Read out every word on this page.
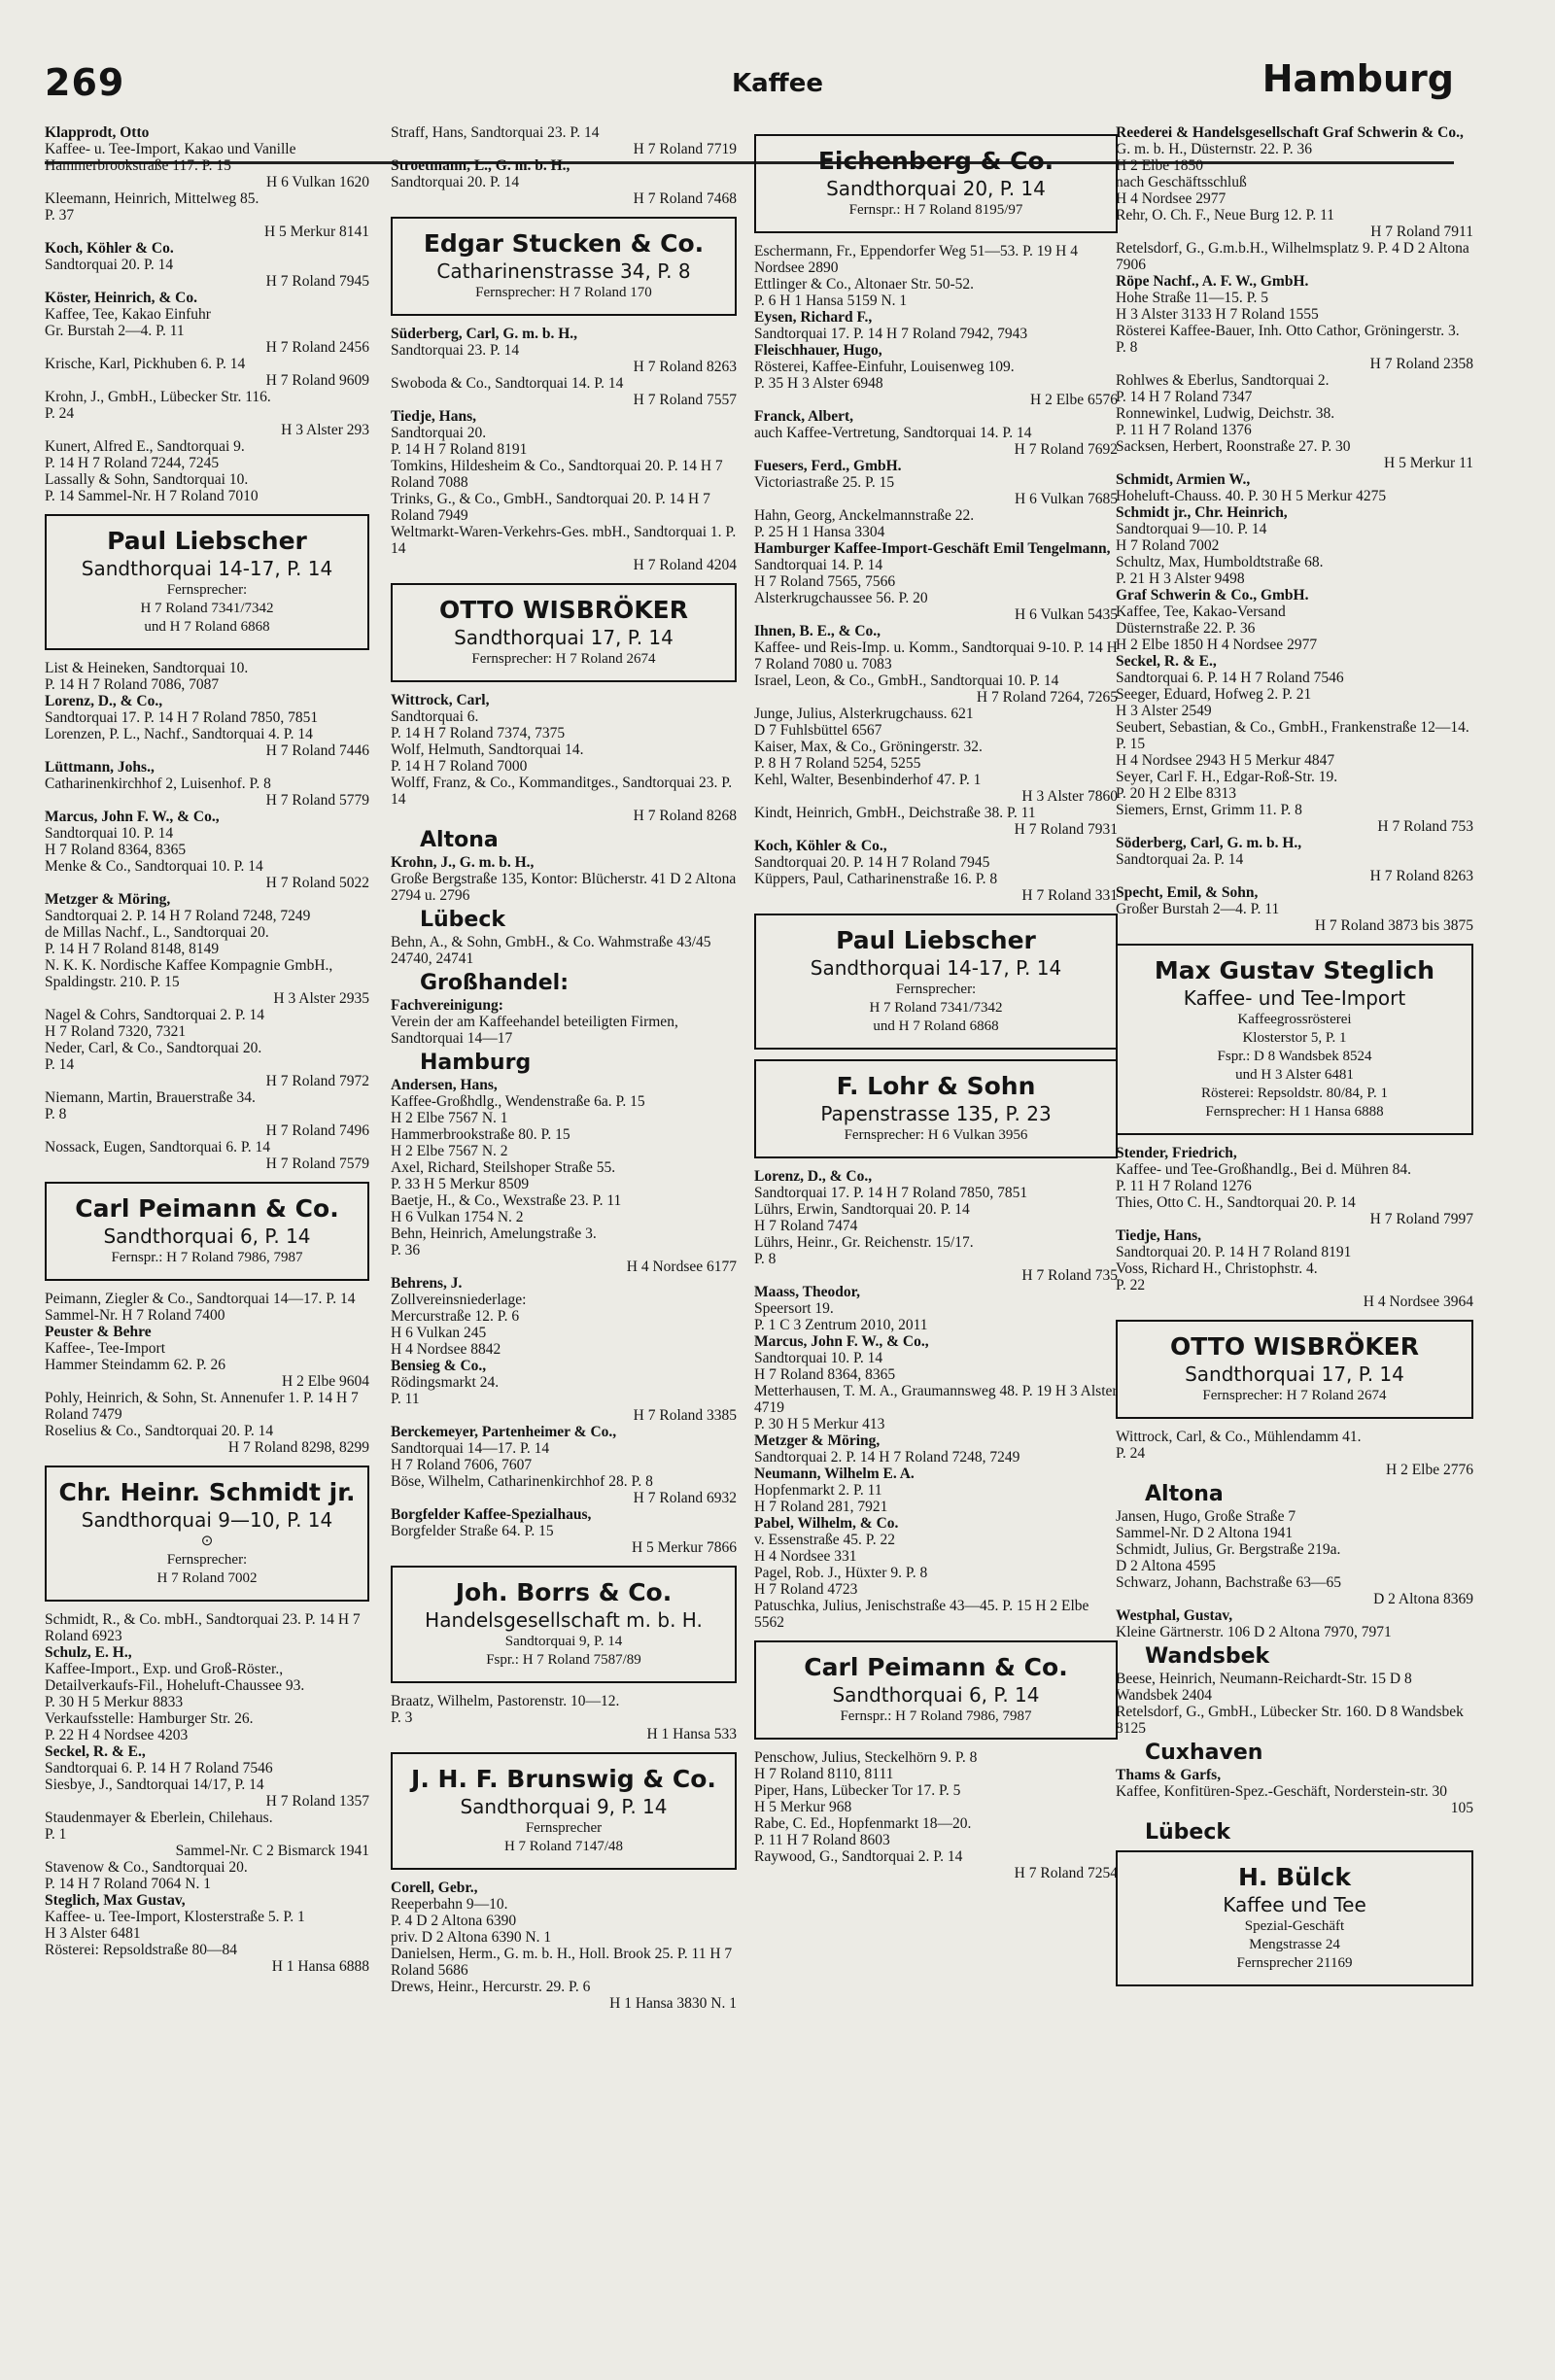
269	Kaffee	Hamburg
Klapprodt, Otto
Kaffee- u. Tee-Import, Kakao und Vanille
Hammerbrookstraße 117. P. 15
H 6 Vulkan 1620
Kleemann, Heinrich, Mittelweg 85.
P. 37
H 5 Merkur 8141
Koch, Köhler & Co.
Sandtorquai 20. P. 14
H 7 Roland 7945
Köster, Heinrich, & Co.
Kaffee, Tee, Kakao Einfuhr
Gr. Burstah 2—4. P. 11
H 7 Roland 2456
Krische, Karl, Pickhuben 6. P. 14
H 7 Roland 9609
Krohn, J., GmbH., Lübecker Str. 116.
P. 24
H 3 Alster 293
Kunert, Alfred E., Sandtorquai 9.
P. 14 H 7 Roland 7244, 7245
Lassally & Sohn, Sandtorquai 10.
P. 14 Sammel-Nr. H 7 Roland 7010
Paul Liebscher
Sandthorquai 14-17, P. 14
Fernsprecher:
H 7 Roland 7341/7342
und H 7 Roland 6868
List & Heineken, Sandtorquai 10.
P. 14 H 7 Roland 7086, 7087
Lorenz, D., & Co.,
Sandtorquai 17. P. 14 H 7 Roland 7850, 7851
Lorenzen, P. L., Nachf., Sandtorquai 4. P. 14
H 7 Roland 7446
Lüttmann, Johs.,
Catharinenkirchhof 2, Luisenhof. P. 8
H 7 Roland 5779
Marcus, John F. W., & Co.,
Sandtorquai 10. P. 14
H 7 Roland 8364, 8365
Menke & Co., Sandtorquai 10. P. 14
H 7 Roland 5022
Metzger & Möring,
Sandtorquai 2. P. 14 H 7 Roland 7248, 7249
de Millas Nachf., L., Sandtorquai 20.
P. 14 H 7 Roland 8148, 8149
N. K. K. Nordische Kaffee Kompagnie GmbH., Spaldingstr. 210. P. 15
H 3 Alster 2935
Nagel & Cohrs, Sandtorquai 2. P. 14
H 7 Roland 7320, 7321
Neder, Carl, & Co., Sandtorquai 20.
P. 14
H 7 Roland 7972
Niemann, Martin, Brauerstraße 34.
P. 8
H 7 Roland 7496
Nossack, Eugen, Sandtorquai 6. P. 14
H 7 Roland 7579
Carl Peimann & Co.
Sandthorquai 6, P. 14
Fernspr.: H 7 Roland 7986, 7987
Peimann, Ziegler & Co., Sandtorquai 14—17. P. 14
Sammel-Nr. H 7 Roland 7400
Peuster & Behre
Kaffee-, Tee-Import
Hammer Steindamm 62. P. 26
H 2 Elbe 9604
Pohly, Heinrich, & Sohn, St. Annenufer 1. P. 14 H 7 Roland 7479
Roselius & Co., Sandtorquai 20. P. 14
H 7 Roland 8298, 8299
Chr. Heinr. Schmidt jr.
Sandthorquai 9—10, P. 14
⊙
Fernsprecher:
H 7 Roland 7002
Schmidt, R., & Co. mbH., Sandtorquai 23. P. 14 H 7 Roland 6923
Schulz, E. H.,
Kaffee-Import., Exp. und Groß-Röster., Detailverkaufs-Fil., Hoheluft-Chaussee 93.
P. 30 H 5 Merkur 8833
Verkaufsstelle: Hamburger Str. 26.
P. 22 H 4 Nordsee 4203
Seckel, R. & E.,
Sandtorquai 6. P. 14 H 7 Roland 7546
Siesbye, J., Sandtorquai 14/17, P. 14
H 7 Roland 1357
Staudenmayer & Eberlein, Chilehaus.
P. 1
Sammel-Nr. C 2 Bismarck 1941
Stavenow & Co., Sandtorquai 20.
P. 14 H 7 Roland 7064 N. 1
Steglich, Max Gustav,
Kaffee- u. Tee-Import, Klosterstraße 5. P. 1
H 3 Alster 6481
Rösterei: Repsoldstraße 80—84
H 1 Hansa 6888
Straff, Hans, Sandtorquai 23. P. 14
H 7 Roland 7719
Stroetmann, L., G. m. b. H.,
Sandtorquai 20. P. 14
H 7 Roland 7468
Edgar Stucken & Co.
Catharinenstrasse 34, P. 8
Fernsprecher: H 7 Roland 170
Süderberg, Carl, G. m. b. H.,
Sandtorquai 23. P. 14
H 7 Roland 8263
Swoboda & Co., Sandtorquai 14. P. 14
H 7 Roland 7557
Tiedje, Hans,
Sandtorquai 20.
P. 14 H 7 Roland 8191
Tomkins, Hildesheim & Co., Sandtorquai 20. P. 14 H 7 Roland 7088
Trinks, G., & Co., GmbH., Sandtorquai 20. P. 14 H 7 Roland 7949
Weltmarkt-Waren-Verkehrs-Ges. mbH., Sandtorquai 1. P. 14
H 7 Roland 4204
OTTO WISBRÖKER
Sandthorquai 17, P. 14
Fernsprecher: H 7 Roland 2674
Wittrock, Carl,
Sandtorquai 6.
P. 14 H 7 Roland 7374, 7375
Wolf, Helmuth, Sandtorquai 14.
P. 14 H 7 Roland 7000
Wolff, Franz, & Co., Kommanditges., Sandtorquai 23. P. 14
H 7 Roland 8268
Altona
Krohn, J., G. m. b. H.,
Große Bergstraße 135, Kontor: Blücherstr. 41 D 2 Altona 2794 u. 2796
Lübeck
Behn, A., & Sohn, GmbH., & Co. Wahmstraße 43/45 24740, 24741
Großhandel:
Fachvereinigung:
Verein der am Kaffeehandel beteiligten Firmen, Sandtorquai 14—17
Hamburg
Andersen, Hans,
Kaffee-Großhdlg., Wendenstraße 6a. P. 15
H 2 Elbe 7567 N. 1
Hammerbrookstraße 80. P. 15
H 2 Elbe 7567 N. 2
Axel, Richard, Steilshoper Straße 55.
P. 33 H 5 Merkur 8509
Baetje, H., & Co., Wexstraße 23. P. 11
H 6 Vulkan 1754 N. 2
Behn, Heinrich, Amelungstraße 3.
P. 36
H 4 Nordsee 6177
Behrens, J.
Zollvereinsniederlage:
Mercurstraße 12. P. 6
H 6 Vulkan 245
H 4 Nordsee 8842
Bensieg & Co.,
Rödingsmarkt 24.
P. 11
H 7 Roland 3385
Berckemeyer, Partenheimer & Co.,
Sandtorquai 14—17. P. 14
H 7 Roland 7606, 7607
Böse, Wilhelm, Catharinenkirchhof 28. P. 8
H 7 Roland 6932
Borgfelder Kaffee-Spezialhaus,
Borgfelder Straße 64. P. 15
H 5 Merkur 7866
Joh. Borrs & Co.
Handelsgesellschaft m. b. H.
Sandtorquai 9, P. 14
Fspr.: H 7 Roland 7587/89
Braatz, Wilhelm, Pastorenstr. 10—12.
P. 3
H 1 Hansa 533
J. H. F. Brunswig & Co.
Sandthorquai 9, P. 14
Fernsprecher
H 7 Roland 7147/48
Corell, Gebr.,
Reeperbahn 9—10.
P. 4 D 2 Altona 6390
priv. D 2 Altona 6390 N. 1
Danielsen, Herm., G. m. b. H., Holl. Brook 25. P. 11 H 7 Roland 5686
Drews, Heinr., Hercurstr. 29. P. 6
H 1 Hansa 3830 N. 1
Eichenberg & Co.
Sandthorquai 20, P. 14
Fernspr.: H 7 Roland 8195/97
Eschermann, Fr., Eppendorfer Weg 51—53. P. 19 H 4 Nordsee 2890
Ettlinger & Co., Altonaer Str. 50-52.
P. 6 H 1 Hansa 5159 N. 1
Eysen, Richard F.,
Sandtorquai 17. P. 14 H 7 Roland 7942, 7943
Fleischhauer, Hugo,
Rösterei, Kaffee-Einfuhr, Louisenweg 109.
P. 35 H 3 Alster 6948
H 2 Elbe 6576
Franck, Albert,
auch Kaffee-Vertretung, Sandtorquai 14. P. 14
H 7 Roland 7692
Fuesers, Ferd., GmbH.
Victoriastraße 25. P. 15
H 6 Vulkan 7685
Hahn, Georg, Anckelmannstraße 22.
P. 25 H 1 Hansa 3304
Hamburger Kaffee-Import-Geschäft Emil Tengelmann,
Sandtorquai 14. P. 14
H 7 Roland 7565, 7566
Alsterkrugchaussee 56. P. 20
H 6 Vulkan 5435
Ihnen, B. E., & Co.,
Kaffee- und Reis-Imp. u. Komm., Sandtorquai 9-10. P. 14 H 7 Roland 7080 u. 7083
Israel, Leon, & Co., GmbH., Sandtorquai 10. P. 14
H 7 Roland 7264, 7265
Junge, Julius, Alsterkrugchauss. 621
D 7 Fuhlsbüttel 6567
Kaiser, Max, & Co., Gröningerstr. 32.
P. 8 H 7 Roland 5254, 5255
Kehl, Walter, Besenbinderhof 47. P. 1
H 3 Alster 7860
Kindt, Heinrich, GmbH., Deichstraße 38. P. 11
H 7 Roland 7931
Koch, Köhler & Co.,
Sandtorquai 20. P. 14 H 7 Roland 7945
Küppers, Paul, Catharinenstraße 16. P. 8
H 7 Roland 331
Paul Liebscher
Sandthorquai 14-17, P. 14
Fernsprecher:
H 7 Roland 7341/7342
und H 7 Roland 6868
F. Lohr & Sohn
Papenstrasse 135, P. 23
Fernsprecher: H 6 Vulkan 3956
Lorenz, D., & Co.,
Sandtorquai 17. P. 14 H 7 Roland 7850, 7851
Lührs, Erwin, Sandtorquai 20. P. 14
H 7 Roland 7474
Lührs, Heinr., Gr. Reichenstr. 15/17.
P. 8
H 7 Roland 735
Maass, Theodor,
Speersort 19.
P. 1 C 3 Zentrum 2010, 2011
Marcus, John F. W., & Co.,
Sandtorquai 10. P. 14
H 7 Roland 8364, 8365
Metterhausen, T. M. A., Graumannsweg 48. P. 19 H 3 Alster 4719
P. 30 H 5 Merkur 413
Metzger & Möring,
Sandtorquai 2. P. 14 H 7 Roland 7248, 7249
Neumann, Wilhelm E. A.
Hopfenmarkt 2. P. 11
H 7 Roland 281, 7921
Pabel, Wilhelm, & Co.
v. Essenstraße 45. P. 22
H 4 Nordsee 331
Pagel, Rob. J., Hüxter 9. P. 8
H 7 Roland 4723
Patuschka, Julius, Jenischstraße 43—45. P. 15 H 2 Elbe 5562
Carl Peimann & Co.
Sandthorquai 6, P. 14
Fernspr.: H 7 Roland 7986, 7987
Penschow, Julius, Steckelhörn 9. P. 8
H 7 Roland 8110, 8111
Piper, Hans, Lübecker Tor 17. P. 5
H 5 Merkur 968
Rabe, C. Ed., Hopfenmarkt 18—20.
P. 11 H 7 Roland 8603
Raywood, G., Sandtorquai 2. P. 14
H 7 Roland 7254
Reederei & Handelsgesellschaft Graf Schwerin & Co.,
G. m. b. H., Düsternstr. 22. P. 36
H 2 Elbe 1850
nach Geschäftsschluß
H 4 Nordsee 2977
Rehr, O. Ch. F., Neue Burg 12. P. 11
H 7 Roland 7911
Retelsdorf, G., G.m.b.H., Wilhelmsplatz 9. P. 4 D 2 Altona 7906
Röpe Nachf., A. F. W., GmbH.
Hohe Straße 11—15. P. 5
H 3 Alster 3133 H 7 Roland 1555
Rösterei Kaffee-Bauer, Inh. Otto Cathor, Gröningerstr. 3. P. 8
H 7 Roland 2358
Rohlwes & Eberlus, Sandtorquai 2.
P. 14 H 7 Roland 7347
Ronnewinkel, Ludwig, Deichstr. 38.
P. 11 H 7 Roland 1376
Sacksen, Herbert, Roonstraße 27. P. 30
H 5 Merkur 11
Schmidt, Armien W.,
Hoheluft-Chauss. 40. P. 30 H 5 Merkur 4275
Schmidt jr., Chr. Heinrich,
Sandtorquai 9—10. P. 14
H 7 Roland 7002
Schultz, Max, Humboldtstraße 68.
P. 21 H 3 Alster 9498
Graf Schwerin & Co., GmbH.
Kaffee, Tee, Kakao-Versand
Düsternstraße 22. P. 36
H 2 Elbe 1850 H 4 Nordsee 2977
Seckel, R. & E.,
Sandtorquai 6. P. 14 H 7 Roland 7546
Seeger, Eduard, Hofweg 2. P. 21
H 3 Alster 2549
Seubert, Sebastian, & Co., GmbH., Frankenstraße 12—14. P. 15
H 4 Nordsee 2943 H 5 Merkur 4847
Seyer, Carl F. H., Edgar-Roß-Str. 19.
P. 20 H 2 Elbe 8313
Siemers, Ernst, Grimm 11. P. 8
H 7 Roland 753
Söderberg, Carl, G. m. b. H.,
Sandtorquai 2a. P. 14
H 7 Roland 8263
Specht, Emil, & Sohn,
Großer Burstah 2—4. P. 11
H 7 Roland 3873 bis 3875
Max Gustav Steglich
Kaffee- und Tee-Import
Kaffeegrossrösterei
Klosterstor 5, P. 1
Fspr.: D 8 Wandsbek 8524
und H 3 Alster 6481
Rösterei: Repsoldstr. 80/84, P. 1
Fernsprecher: H 1 Hansa 6888
Stender, Friedrich,
Kaffee- und Tee-Großhandlg., Bei d. Mühren 84.
P. 11 H 7 Roland 1276
Thies, Otto C. H., Sandtorquai 20. P. 14
H 7 Roland 7997
Tiedje, Hans,
Sandtorquai 20. P. 14 H 7 Roland 8191
Voss, Richard H., Christophstr. 4.
P. 22
H 4 Nordsee 3964
OTTO WISBRÖKER
Sandthorquai 17, P. 14
Fernsprecher: H 7 Roland 2674
Wittrock, Carl, & Co., Mühlendamm 41.
P. 24
H 2 Elbe 2776
Altona
Jansen, Hugo, Große Straße 7
Sammel-Nr. D 2 Altona 1941
Schmidt, Julius, Gr. Bergstraße 219a.
D 2 Altona 4595
Schwarz, Johann, Bachstraße 63—65
D 2 Altona 8369
Westphal, Gustav,
Kleine Gärtnerstr. 106 D 2 Altona 7970, 7971
Wandsbek
Beese, Heinrich, Neumann-Reichardt-Str. 15 D 8 Wandsbek 2404
Retelsdorf, G., GmbH., Lübecker Str. 160. D 8 Wandsbek 8125
Cuxhaven
Thams & Garfs,
Kaffee, Konfitüren-Spez.-Geschäft, Norderstein-str. 30
105
Lübeck
H. Bülck
Kaffee und Tee
Spezial-Geschäft
Mengstrasse 24
Fernsprecher 21169
